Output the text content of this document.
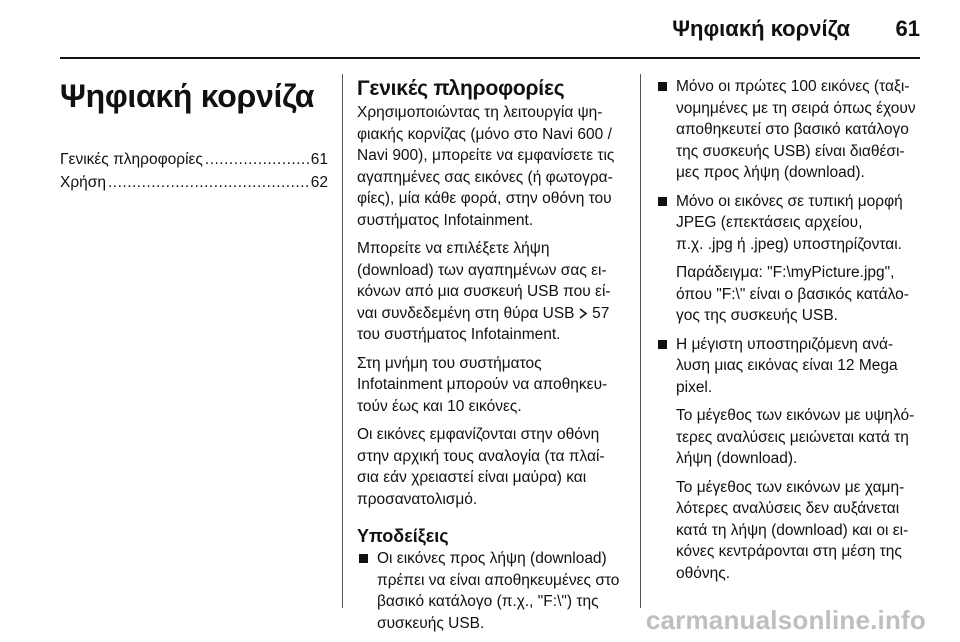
Ψηφιακή κορνίζα 61
Ψηφιακή κορνίζα
Γενικές πληροφορίες .....	61
Χρήση .....	62
Γενικές πληροφορίες
Χρησιμοποιώντας τη λειτουργία ψη-
φιακής κορνίζας (μόνο στο Navi 600 /
Navi 900), μπορείτε να εμφανίσετε τις
αγαπημένες σας εικόνες (ή φωτογρα-
φίες), μία κάθε φορά, στην οθόνη του
συστήματος Infotainment.
Μπορείτε να επιλέξετε λήψη
(download) των αγαπημένων σας ει-
κόνων από μια συσκευή USB που εί-
ναι συνδεδεμένη στη θύρα USB 57
του συστήματος Infotainment.
Στη μνήμη του συστήματος
Infotainment μπορούν να αποθηκευ-
τούν έως και 10 εικόνες.
Οι εικόνες εμφανίζονται στην οθόνη
στην αρχική τους αναλογία (τα πλαί-
σια εάν χρειαστεί είναι μαύρα) και
προσανατολισμό.
Υποδείξεις
Οι εικόνες προς λήψη (download)
πρέπει να είναι αποθηκευμένες στο
βασικό κατάλογο (π.χ., "F:\") της
συσκευής USB.
Μόνο οι πρώτες 100 εικόνες (ταξι-
νομημένες με τη σειρά όπως έχουν
αποθηκευτεί στο βασικό κατάλογο
της συσκευής USB) είναι διαθέσι-
μες προς λήψη (download).
Μόνο οι εικόνες σε τυπική μορφή
JPEG (επεκτάσεις αρχείου,
π.χ. .jpg ή .jpeg) υποστηρίζονται.
Παράδειγμα: "F:\myPicture.jpg",
όπου "F:\" είναι ο βασικός κατάλο-
γος της συσκευής USB.
Η μέγιστη υποστηριζόμενη ανά-
λυση μιας εικόνας είναι 12 Mega
pixel.
Το μέγεθος των εικόνων με υψηλό-
τερες αναλύσεις μειώνεται κατά τη
λήψη (download).
Το μέγεθος των εικόνων με χαμη-
λότερες αναλύσεις δεν αυξάνεται
κατά τη λήψη (download) και οι ει-
κόνες κεντράρονται στη μέση της
οθόνης.
carmanualsonline.info
